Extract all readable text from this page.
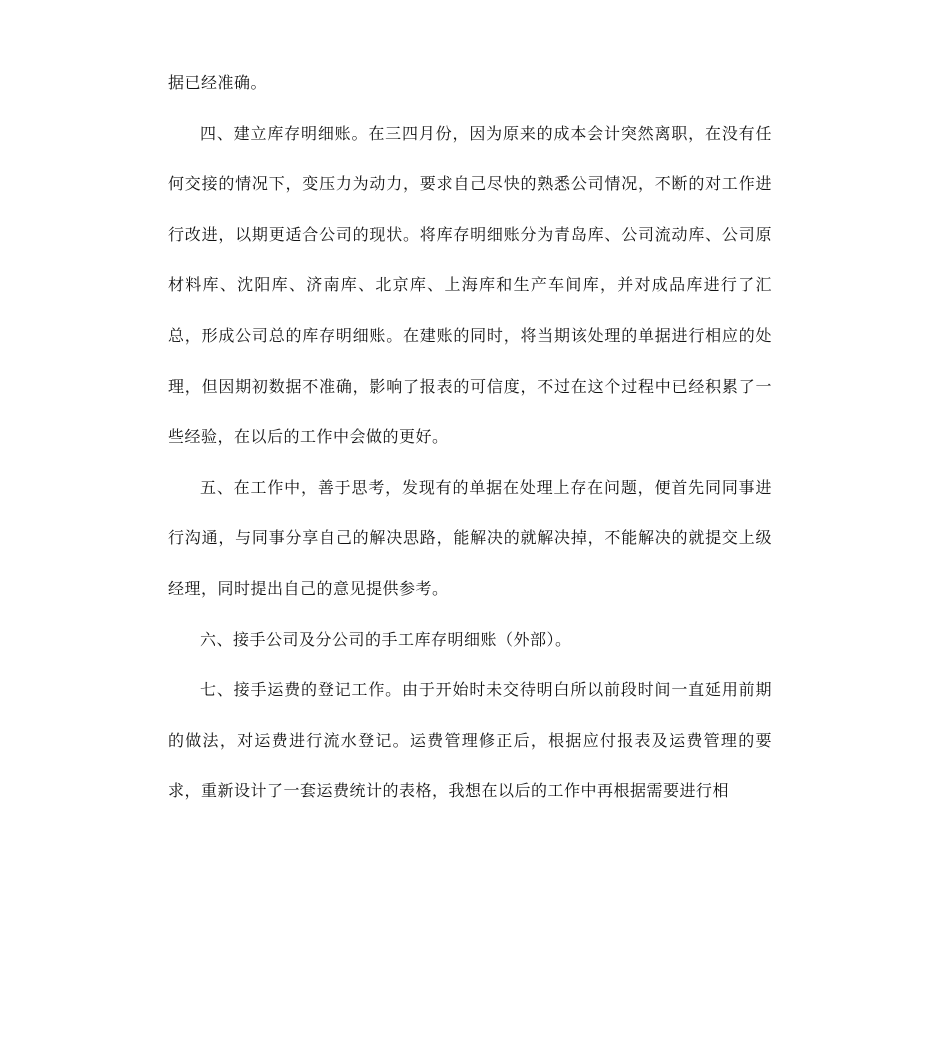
据已经准确。

四、建立库存明细账。在三四月份，因为原来的成本会计突然离职，在没有任何交接的情况下，变压力为动力，要求自己尽快的熟悉公司情况，不断的对工作进行改进，以期更适合公司的现状。将库存明细账分为青岛库、公司流动库、公司原材料库、沈阳库、济南库、北京库、上海库和生产车间库，并对成品库进行了汇总，形成公司总的库存明细账。在建账的同时，将当期该处理的单据进行相应的处理，但因期初数据不准确，影响了报表的可信度，不过在这个过程中已经积累了一些经验，在以后的工作中会做的更好。

五、在工作中，善于思考，发现有的单据在处理上存在问题，便首先同同事进行沟通，与同事分享自己的解决思路，能解决的就解决掉，不能解决的就提交上级经理，同时提出自己的意见提供参考。

六、接手公司及分公司的手工库存明细账（外部）。

七、接手运费的登记工作。由于开始时未交待明白所以前段时间一直延用前期的做法，对运费进行流水登记。运费管理修正后，根据应付报表及运费管理的要求，重新设计了一套运费统计的表格，我想在以后的工作中再根据需要进行相
